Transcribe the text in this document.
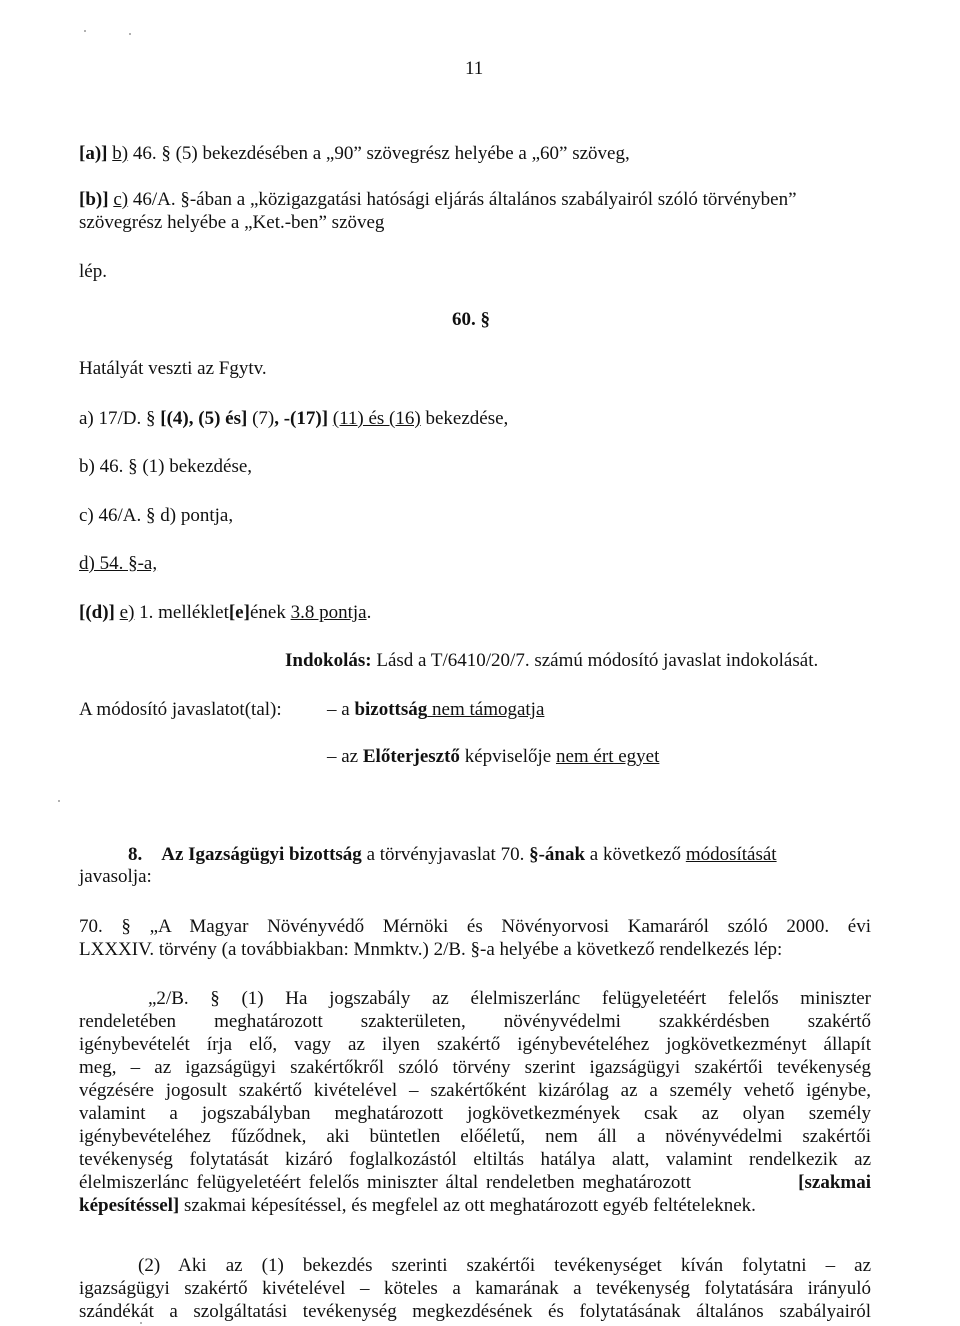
11
[a)] b) 46. § (5) bekezdésében a „90” szövegrész helyébe a „60” szöveg,
[b)] c) 46/A. §-ában a „közigazgatási hatósági eljárás általános szabályairól szóló törvényben”
szövegrész helyébe a „Ket.-ben” szöveg
lép.
60. §
Hatályát veszti az Fgytv.
a) 17/D. § [(4), (5) és] (7), -(17)] (11) és (16) bekezdése,
b) 46. § (1) bekezdése,
c) 46/A. § d) pontja,
d) 54. §-a,
[(d)] e) 1. melléklet[e]ének 3.8 pontja.
Indokolás: Lásd a T/6410/20/7. számú módosító javaslat indokolását.
A módosító javaslatot(tal): – a bizottság nem támogatja
– az Előterjesztő képviselője nem ért egyet
8. Az Igazságügyi bizottság a törvényjavaslat 70. §-ának a következő módosítását
javasolja:
70. § „A Magyar Növényvédő Mérnöki és Növényorvosi Kamaráról szóló 2000. évi
LXXXIV. törvény (a továbbiakban: Mnmktv.) 2/B. §-a helyébe a következő rendelkezés lép:
„2/B. § (1) Ha jogszabály az élelmiszerlánc felügyeletéért felelős miniszter
rendeletében meghatározott szakterületen, növényvédelmi szakkérdésben szakértő
igénybevételét írja elő, vagy az ilyen szakértő igénybevételéhez jogkövetkezményt állapít
meg, – az igazságügyi szakértőkről szóló törvény szerint igazságügyi szakértői tevékenység
végzésére jogosult szakértő kivételével – szakértőként kizárólag az a személy vehető igénybe,
valamint a jogszabályban meghatározott jogkövetkezmények csak az olyan személy
igénybevételéhez fűződnek, aki büntetlen előéletű, nem áll a növényvédelmi szakértői
tevékenység folytatását kizáró foglalkozástól eltiltás hatálya alatt, valamint rendelkezik az
élelmiszerlánc felügyeletéért felelős miniszter által rendeletben meghatározott	[szakmai
képesítéssel] szakmai képesítéssel, és megfelel az ott meghatározott egyéb feltételeknek.
(2) Aki az (1) bekezdés szerinti szakértői tevékenységet kíván folytatni – az
igazságügyi szakértő kivételével – köteles a kamarának a tevékenység folytatására irányuló
szándékát a szolgáltatási tevékenység megkezdésének és folytatásának általános szabályairól
